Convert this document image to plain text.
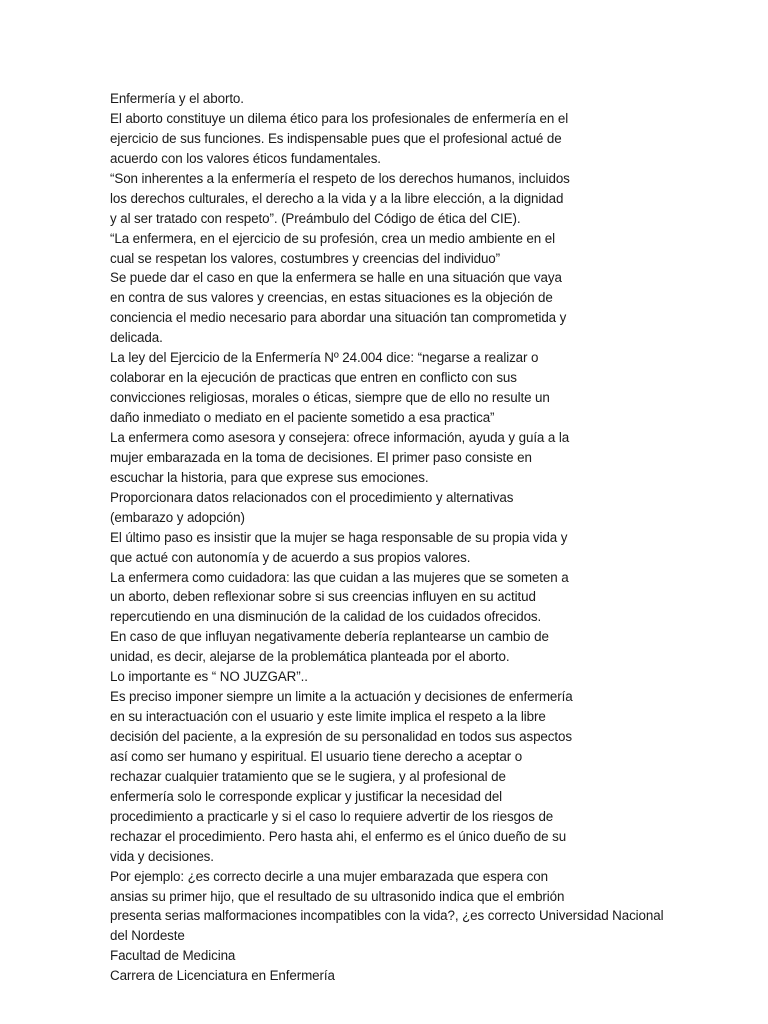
Enfermería y el aborto.
El aborto constituye un dilema ético para los profesionales de enfermería en el
ejercicio de sus funciones. Es indispensable pues que el profesional actué de
acuerdo con los valores éticos fundamentales.
“Son inherentes a la enfermería el respeto de los derechos humanos, incluidos
los derechos culturales, el derecho a la vida y a la libre elección, a la dignidad
y al ser tratado con respeto”. (Preámbulo del Código de ética del CIE).
“La enfermera, en el ejercicio de su profesión, crea un medio ambiente en el
cual se respetan los valores, costumbres y creencias del individuo”
Se puede dar el caso en que la enfermera se halle en una situación que vaya
en contra de sus valores y creencias, en estas situaciones es la objeción de
conciencia el medio necesario para abordar una situación tan comprometida y
delicada.
La ley del Ejercicio de la Enfermería Nº 24.004 dice: “negarse a realizar o
colaborar en la ejecución de practicas que entren en conflicto con sus
convicciones religiosas, morales o éticas, siempre que de ello no resulte un
daño inmediato o mediato en el paciente sometido a esa practica”
La enfermera como asesora y consejera: ofrece información, ayuda y guía a la
mujer embarazada en la toma de decisiones. El primer paso consiste en
escuchar la historia, para que exprese sus emociones.
Proporcionara datos relacionados con el procedimiento y alternativas
(embarazo y adopción)
El último paso es insistir que la mujer se haga responsable de su propia vida y
que actué con autonomía y de acuerdo a sus propios valores.
La enfermera como cuidadora: las que cuidan a las mujeres que se someten a
un aborto, deben reflexionar sobre si sus creencias influyen en su actitud
repercutiendo en una disminución de la calidad de los cuidados ofrecidos.
En caso de que influyan negativamente debería replantearse un cambio de
unidad, es decir, alejarse de la problemática planteada por el aborto.
Lo importante es “ NO JUZGAR”..
Es preciso imponer siempre un limite a la actuación y decisiones de enfermería
en su interactuación con el usuario y este limite implica el respeto a la libre
decisión del paciente, a la expresión de su personalidad en todos sus aspectos
así como ser humano y espiritual. El usuario tiene derecho a aceptar o
rechazar cualquier tratamiento que se le sugiera, y al profesional de
enfermería solo le corresponde explicar y justificar la necesidad del
procedimiento a practicarle y si el caso lo requiere advertir de los riesgos de
rechazar el procedimiento. Pero hasta ahi, el enfermo es el único dueño de su
vida y decisiones.
Por ejemplo: ¿es correcto decirle a una mujer embarazada que espera con
ansias su primer hijo, que el resultado de su ultrasonido indica que el embrión
presenta serias malformaciones incompatibles con la vida?, ¿es correcto Universidad Nacional
del Nordeste
Facultad de Medicina
Carrera de Licenciatura en Enfermería
